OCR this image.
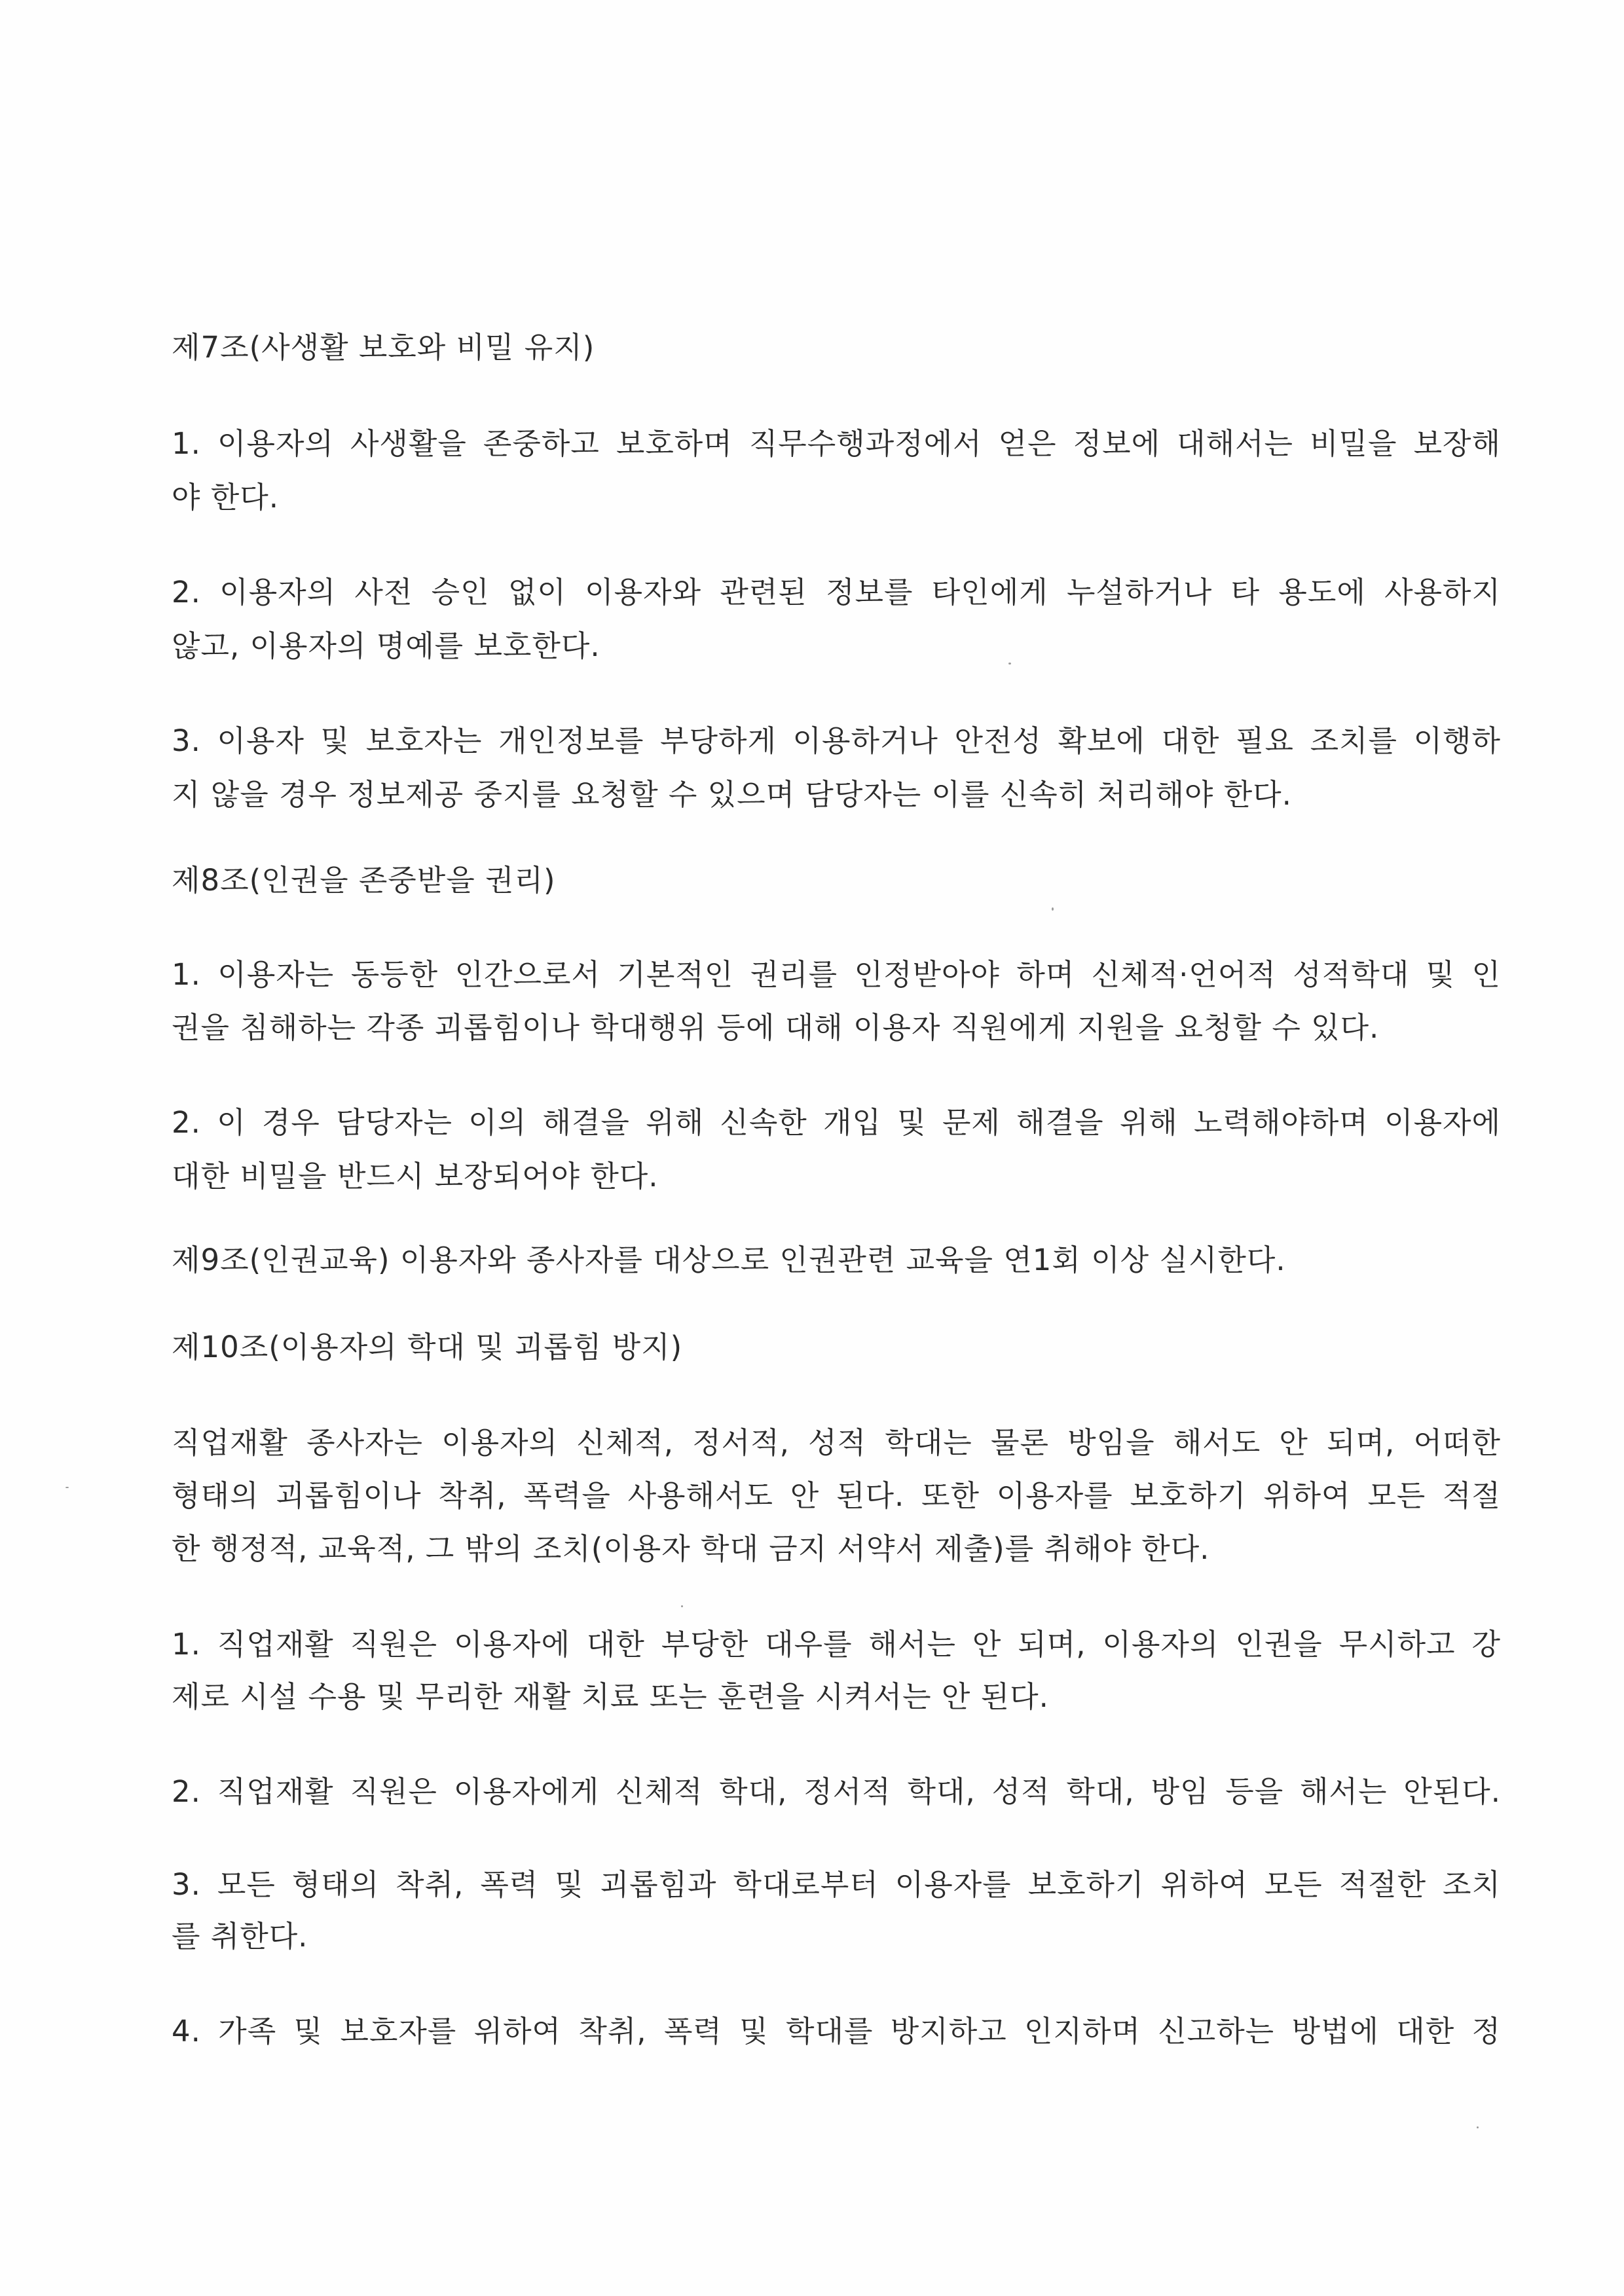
제7조(사생활 보호와 비밀 유지)
1. 이용자의 사생활을 존중하고 보호하며 직무수행과정에서 얻은 정보에 대해서는 비밀을 보장해
야 한다.
2. 이용자의 사전 승인 없이 이용자와 관련된 정보를 타인에게 누설하거나 타 용도에 사용하지
않고, 이용자의 명예를 보호한다.
3. 이용자 및 보호자는 개인정보를 부당하게 이용하거나 안전성 확보에 대한 필요 조치를 이행하
지 않을 경우 정보제공 중지를 요청할 수 있으며 담당자는 이를 신속히 처리해야 한다.
제8조(인권을 존중받을 권리)
1. 이용자는 동등한 인간으로서 기본적인 권리를 인정받아야 하며 신체적·언어적 성적학대 및 인
권을 침해하는 각종 괴롭힘이나 학대행위 등에 대해 이용자 직원에게 지원을 요청할 수 있다.
2. 이 경우 담당자는 이의 해결을 위해 신속한 개입 및 문제 해결을 위해 노력해야하며 이용자에
대한 비밀을 반드시 보장되어야 한다.
제9조(인권교육) 이용자와 종사자를 대상으로 인권관련 교육을 연1회 이상 실시한다.
제10조(이용자의 학대 및 괴롭힘 방지)
직업재활 종사자는 이용자의 신체적, 정서적, 성적 학대는 물론 방임을 해서도 안 되며, 어떠한
형태의 괴롭힘이나 착취, 폭력을 사용해서도 안 된다. 또한 이용자를 보호하기 위하여 모든 적절
한 행정적, 교육적, 그 밖의 조치(이용자 학대 금지 서약서 제출)를 취해야 한다.
1. 직업재활 직원은 이용자에 대한 부당한 대우를 해서는 안 되며, 이용자의 인권을 무시하고 강
제로 시설 수용 및 무리한 재활 치료 또는 훈련을 시켜서는 안 된다.
2. 직업재활 직원은 이용자에게 신체적 학대, 정서적 학대, 성적 학대, 방임 등을 해서는 안된다.
3. 모든 형태의 착취, 폭력 및 괴롭힘과 학대로부터 이용자를 보호하기 위하여 모든 적절한 조치
를 취한다.
4. 가족 및 보호자를 위하여 착취, 폭력 및 학대를 방지하고 인지하며 신고하는 방법에 대한 정
